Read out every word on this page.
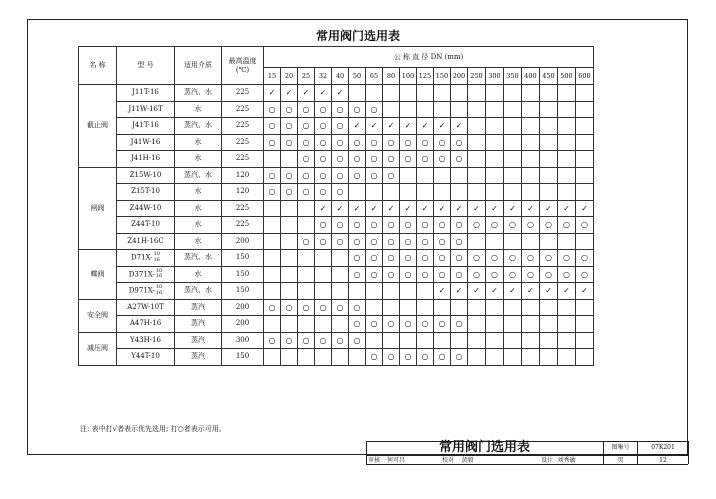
常用阀门选用表
名 称	型 号	适用介质	最高温度
(℃)	公 称 直 径 DN (mm)																		
				15	20	25	32	40	50	65	80	100	125	150	200	250	300	350	400	450	500	600
截止阀	J11T-16	蒸汽、水	225	✓	✓	✓	✓	✓														
	J11W-16T	水	225	○	○	○	○	○	○	○												
	J41T-16	蒸汽、水	225	○	○	○	○	○	✓	✓	✓	✓	✓	✓	✓							
	J41W-16	水	225	○	○	○	○	○	○	○	○	○	○	○	○							
	J41H-16	水	225			○	○	○	○	○	○	○	○	○	○							
闸阀	Z15W-10	蒸汽、水	120	○	○	○	○	○	○	○	○											
	Z15T-10	水	120	○	○	○	○	○														
	Z44W-10	水	225				✓	✓	✓	✓	✓	✓	✓	✓	✓	✓	✓	✓	✓	✓	✓	✓
	Z44T-10	水	225				○	○	○	○	○	○	○	○	○	○	○	○	○	○	○	○
	Z41H-16C	水	200			○	○	○	○	○	○	○	○	○	○							
蝶阀	D71X- 10
16	蒸汽、水	150						○	○	○	○	○	○	○	○	○	○	○	○	○	○
	D371X- 10
16	水	150						○	○	○	○	○	○	○	○	○	○	○	○	○	○
	D971X- 10
16	蒸汽、水	150											✓	✓	✓	✓	✓	✓	✓	✓	✓
安全阀	A27W-10T	蒸汽	200	○	○	○	○	○	○													
	A47H-16	蒸汽	200						○	○	○	○	○	○	○							
减压阀	Y43H-16	蒸汽	300	○	○	○	○	○	○													
	Y44T-10	蒸汽	150							○	○	○	○	○	○							
注: 表中打√者表示优先选用; 打○者表示可用。
常用阀门选用表	图集号	07K201
审核	何可昌	校对	黄毅	设计 刘秀敏	页	12
